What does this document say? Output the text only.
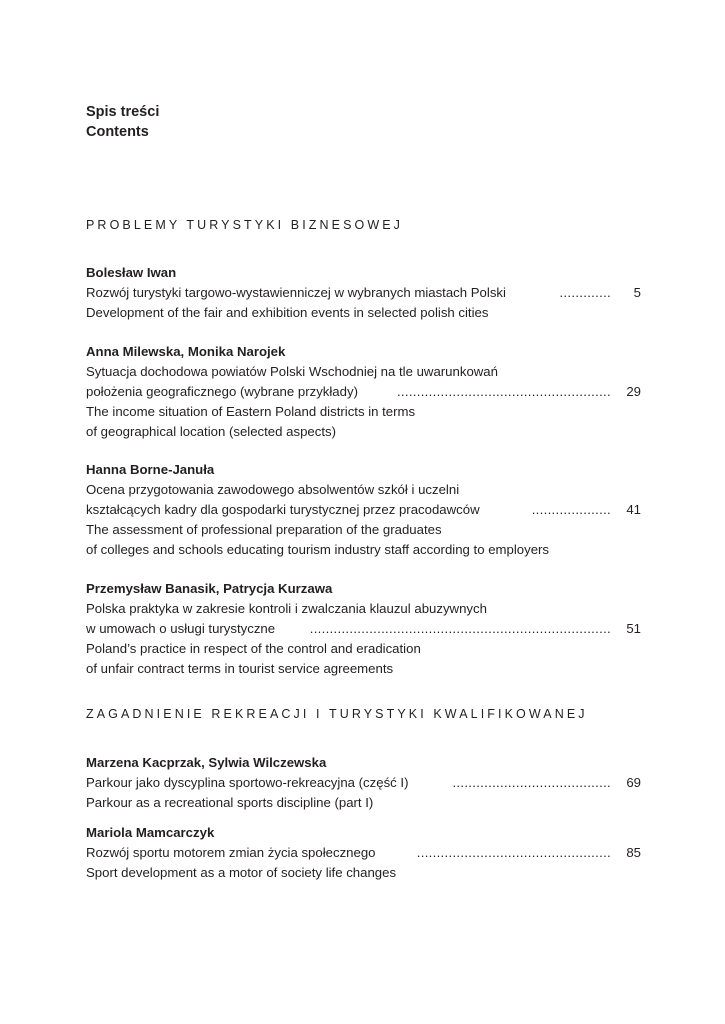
Spis treści
Contents
PROBLEMY TURYSTYKI BIZNESOWEJ
Bolesław Iwan
Rozwój turystyki targowo-wystawienniczej w wybranych miastach Polski	.............	5
Development of the fair and exhibition events in selected polish cities
Anna Milewska, Monika Narojek
Sytuacja dochodowa powiatów Polski Wschodniej na tle uwarunkowań
położenia geograficznego (wybrane przykłady)	......................................................	29
The income situation of Eastern Poland districts in terms
of geographical location (selected aspects)
Hanna Borne-Januła
Ocena przygotowania zawodowego absolwentów szkół i uczelni
kształcących kadry dla gospodarki turystycznej przez pracodawców	....................	41
The assessment of professional preparation of the graduates
of colleges and schools educating tourism industry staff according to employers
Przemysław Banasik, Patrycja Kurzawa
Polska praktyka w zakresie kontroli i zwalczania klauzul abuzywnych
w umowach o usługi turystyczne	............................................................................	51
Poland’s practice in respect of the control and eradication
of unfair contract terms in tourist service agreements
ZAGADNIENIE REKREACJI I TURYSTYKI KWALIFIKOWANEJ
Marzena Kacprzak, Sylwia Wilczewska
Parkour jako dyscyplina sportowo-rekreacyjna (część I)	........................................	69
Parkour as a recreational sports discipline (part I)
Mariola Mamcarczyk
Rozwój sportu motorem zmian życia społecznego	.................................................	85
Sport development as a motor of society life changes
